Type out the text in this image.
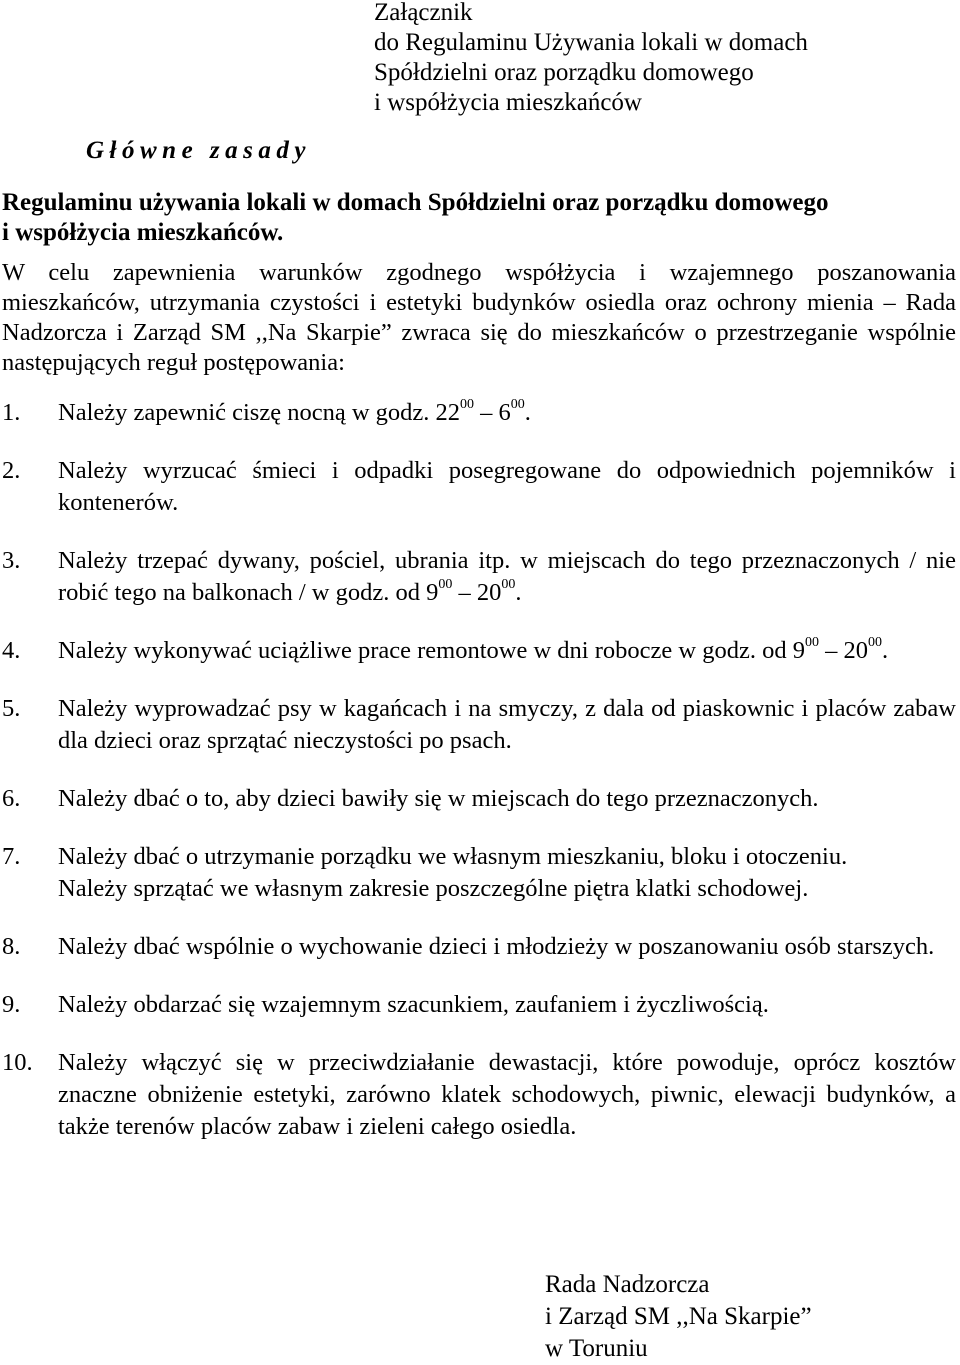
Załącznik
do Regulaminu Używania lokali w domach
Spółdzielni oraz porządku domowego
i współżycia mieszkańców
Główne zasady
Regulaminu używania lokali w domach Spółdzielni oraz porządku domowego
i współżycia mieszkańców.
W celu zapewnienia warunków zgodnego współżycia i wzajemnego poszanowania mieszkańców, utrzymania czystości i estetyki budynków osiedla oraz ochrony mienia – Rada Nadzorcza i Zarząd SM ,,Na Skarpie” zwraca się do mieszkańców o przestrzeganie wspólnie następujących reguł postępowania:
1.	Należy zapewnić ciszę nocną w godz. $22^{00} - 6^{00}$.
2.	Należy wyrzucać śmieci i odpadki posegregowane do odpowiednich pojemników i kontenerów.
3.	Należy trzepać dywany, pościel, ubrania itp. w miejscach do tego przeznaczonych / nie robić tego na balkonach / w godz. od $9^{00} - 20^{00}$.
4.	Należy wykonywać uciążliwe prace remontowe w dni robocze w godz. od $9^{00} - 20^{00}$.
5.	Należy wyprowadzać psy w kagańcach i na smyczy, z dala od piaskownic i placów zabaw dla dzieci oraz sprzątać nieczystości po psach.
6.	Należy dbać o to, aby dzieci bawiły się w miejscach do tego przeznaczonych.
7.	Należy dbać o utrzymanie porządku we własnym mieszkaniu, bloku i otoczeniu.
Należy sprzątać we własnym zakresie poszczególne piętra klatki schodowej.
8.	Należy dbać wspólnie o wychowanie dzieci i młodzieży w poszanowaniu osób starszych.
9.	Należy obdarzać się wzajemnym szacunkiem, zaufaniem i życzliwością.
10.	Należy włączyć się w przeciwdziałanie dewastacji, które powoduje, oprócz kosztów znaczne obniżenie estetyki, zarówno klatek schodowych, piwnic, elewacji budynków, a także terenów placów zabaw i zieleni całego osiedla.
Rada Nadzorcza
i Zarząd SM ,,Na Skarpie”
w Toruniu
